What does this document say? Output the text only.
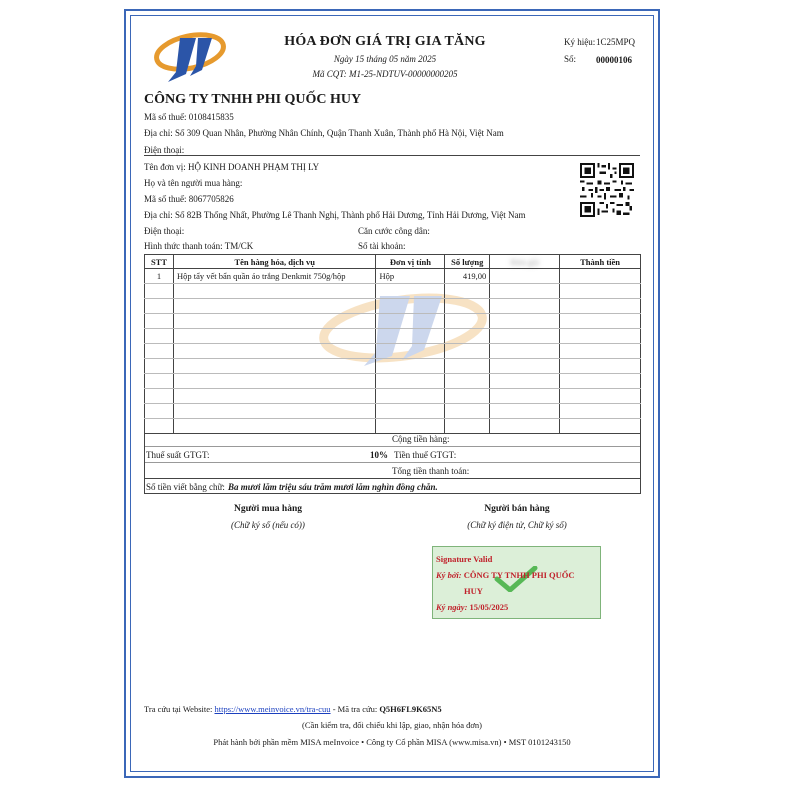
HÓA ĐƠN GIÁ TRỊ GIA TĂNG
Ngày 15 tháng 05 năm 2025
Mã CQT: M1-25-NDTUV-00000000205
Ký hiệu: 1C25MPQ
Số: 00000106
CÔNG TY TNHH PHI QUỐC HUY
Mã số thuế: 0108415835
Địa chỉ: Số 309 Quan Nhân, Phường Nhân Chính, Quận Thanh Xuân, Thành phố Hà Nội, Việt Nam
Điện thoại:
Tên đơn vị: HỘ KINH DOANH PHẠM THỊ LY
Họ và tên người mua hàng:
Mã số thuế: 8067705826
Địa chỉ: Số 82B Thống Nhất, Phường Lê Thanh Nghị, Thành phố Hải Dương, Tỉnh Hải Dương, Việt Nam
Điện thoại:	Căn cước công dân:
Hình thức thanh toán: TM/CK	Số tài khoản:
STT	Tên hàng hóa, dịch vụ	Đơn vị tính	Số lượng	Đơn giá	Thành tiền
1	Hộp tẩy vết bẩn quần áo trắng Denkmit 750g/hộp	Hộp	419,00		

Cộng tiền hàng:
Thuế suất GTGT:	10% Tiền thuế GTGT:
Tổng tiền thanh toán:
Số tiền viết bằng chữ: Ba mươi lăm triệu sáu trăm mươi lăm nghìn đồng chẵn.
Người mua hàng
(Chữ ký số (nếu có))
Người bán hàng
(Chữ ký điện tử, Chữ ký số)
Signature Valid
Ký bởi: CÔNG TY TNHH PHI QUỐC
HUY
Ký ngày: 15/05/2025
Tra cứu tại Website: https://www.meinvoice.vn/tra-cuu - Mã tra cứu: Q5H6FL9K65N5
(Cần kiểm tra, đối chiếu khi lập, giao, nhận hóa đơn)
Phát hành bởi phần mềm MISA meInvoice • Công ty Cổ phần MISA (www.misa.vn) • MST 0101243150
